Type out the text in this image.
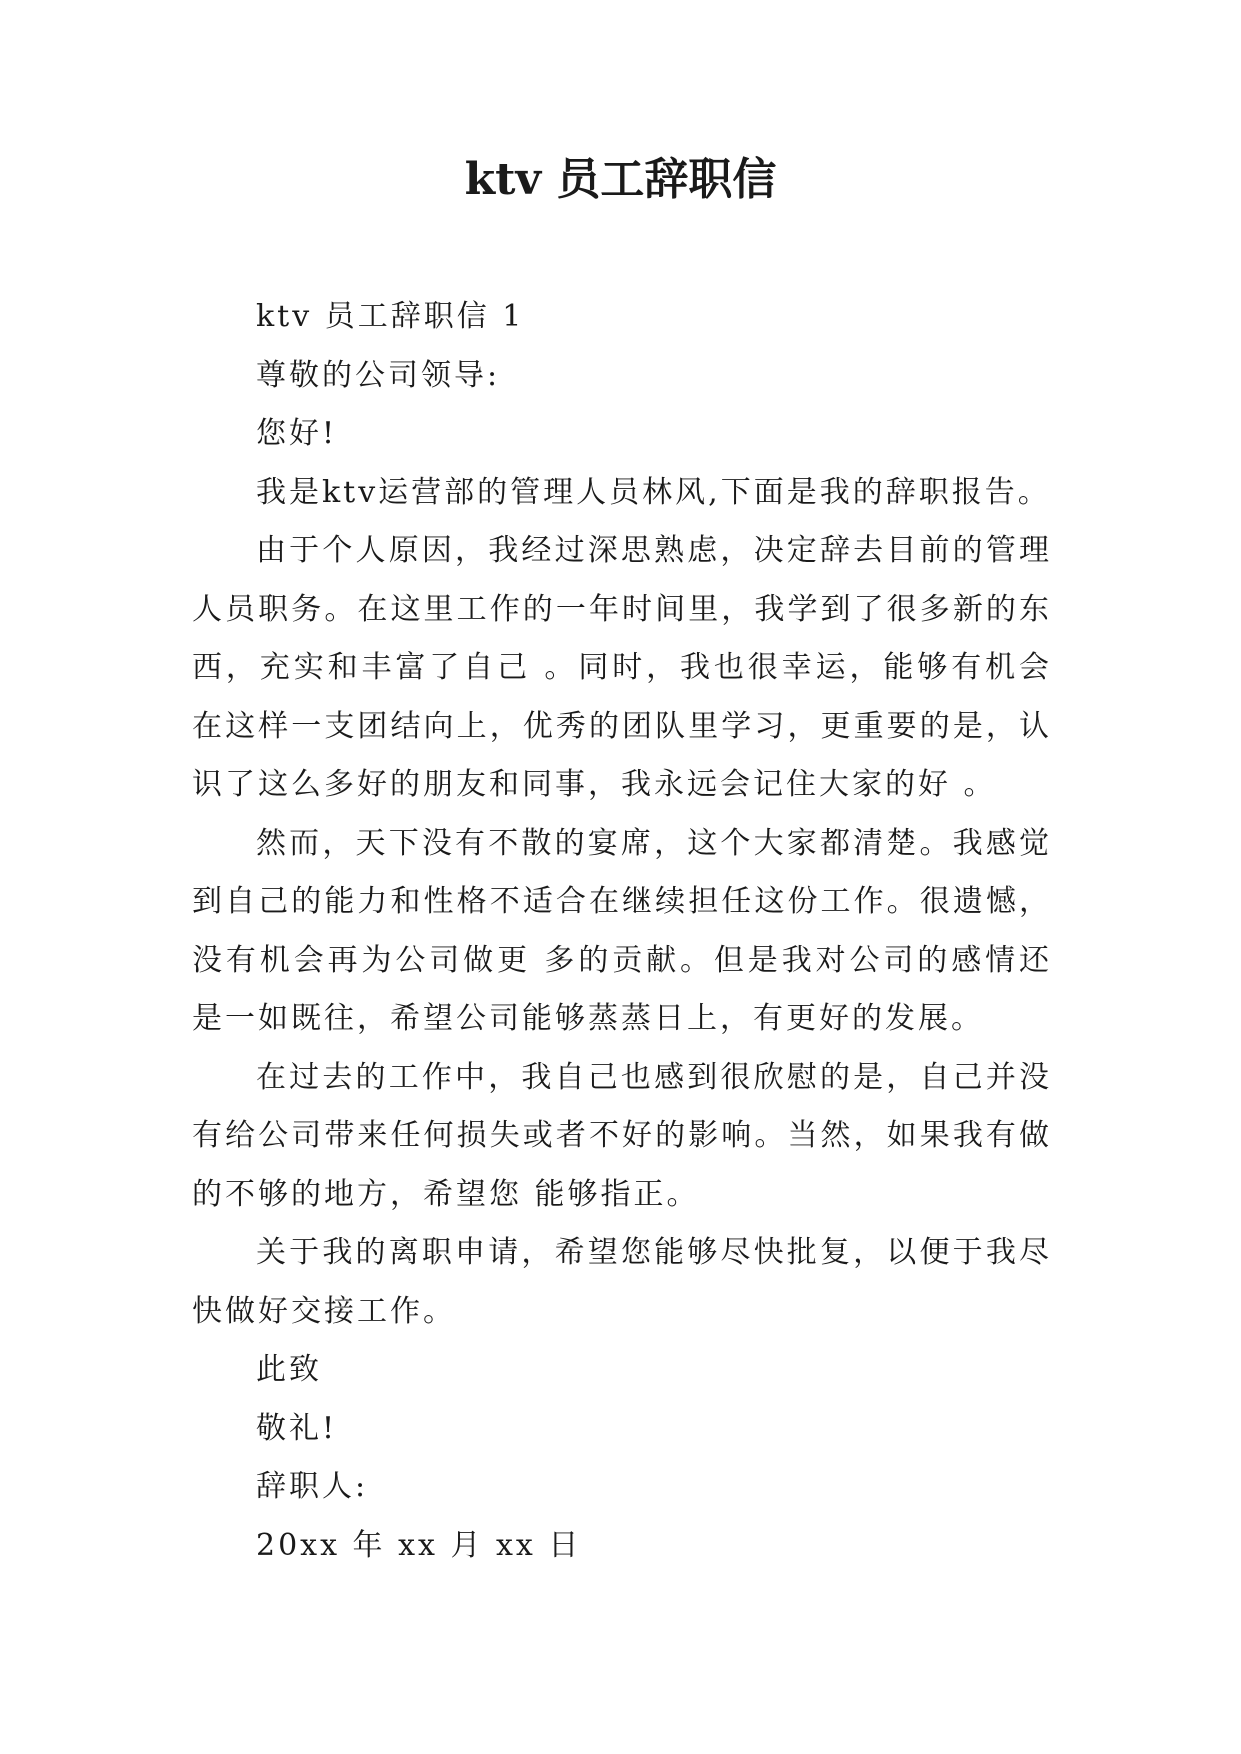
ktv 员工辞职信

ktv 员工辞职信 1

尊敬的公司领导:

您好!

我是ktv运营部的管理人员林风,下面是我的辞职报告。

由于个人原因，我经过深思熟虑，决定辞去目前的管理人员职务。在这里工作的一年时间里，我学到了很多新的东西，充实和丰富了自己 。同时，我也很幸运，能够有机会在这样一支团结向上，优秀的团队里学习，更重要的是，认识了这么多好的朋友和同事，我永远会记住大家的好 。

然而，天下没有不散的宴席，这个大家都清楚。我感觉到自己的能力和性格不适合在继续担任这份工作。很遗憾，没有机会再为公司做更 多的贡献。但是我对公司的感情还是一如既往，希望公司能够蒸蒸日上，有更好的发展。

在过去的工作中，我自己也感到很欣慰的是，自己并没有给公司带来任何损失或者不好的影响。当然，如果我有做的不够的地方，希望您 能够指正。

关于我的离职申请，希望您能够尽快批复，以便于我尽快做好交接工作。

此致

敬礼!

辞职人:

20xx 年 xx 月 xx 日
